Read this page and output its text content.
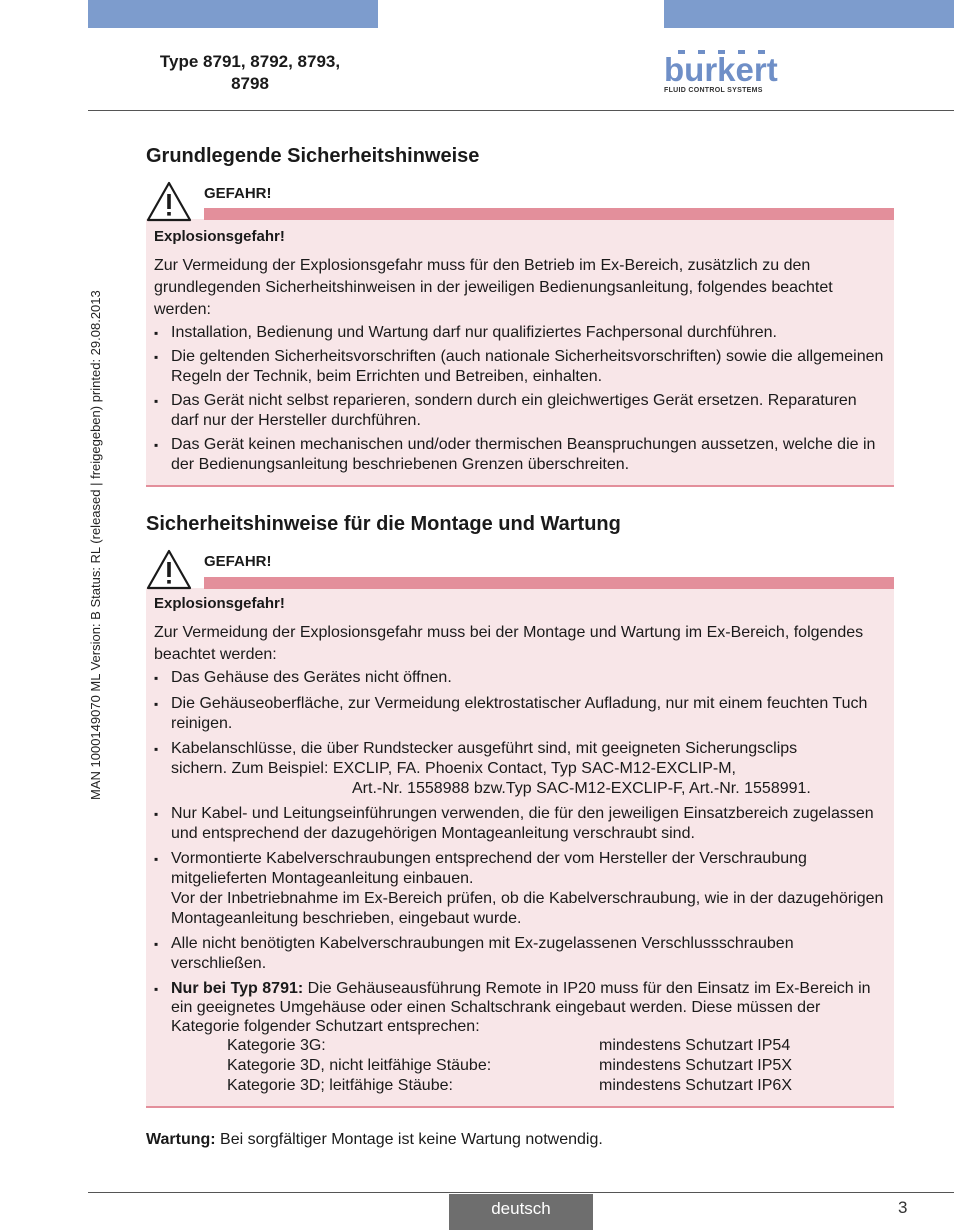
Type 8791, 8792, 8793,
8798	burkert
FLUID CONTROL SYSTEMS
MAN 1000149070 ML Version: B Status: RL (released | freigegeben) printed: 29.08.2013
Grundlegende Sicherheitshinweise

Explosionsgefahr!

Zur Vermeidung der Explosionsgefahr muss für den Betrieb im Ex-Bereich, zusätzlich zu den grundlegenden Sicherheitshinweisen in der jeweiligen Bedienungsanleitung, folgendes beachtet werden:

▪ Installation, Bedienung und Wartung darf nur qualifiziertes Fachpersonal durchführen.
▪ Die geltenden Sicherheitsvorschriften (auch nationale Sicherheitsvorschriften) sowie die allgemeinen Regeln der Technik, beim Errichten und Betreiben, einhalten.
▪ Das Gerät nicht selbst reparieren, sondern durch ein gleichwertiges Gerät ersetzen. Reparaturen darf nur der Hersteller durchführen.
▪ Das Gerät keinen mechanischen und/oder thermischen Beanspruchungen aussetzen, welche die in der Bedienungsanleitung beschriebenen Grenzen überschreiten.
GEFAHR!
Sicherheitshinweise für die Montage und Wartung

Explosionsgefahr!

Zur Vermeidung der Explosionsgefahr muss bei der Montage und Wartung im Ex-Bereich, folgendes beachtet werden:

▪ Das Gehäuse des Gerätes nicht öffnen.
▪ Die Gehäuseoberfläche, zur Vermeidung elektrostatischer Aufladung, nur mit einem feuchten Tuch reinigen.
▪ Kabelanschlüsse, die über Rundstecker ausgeführt sind, mit geeigneten Sicherungsclips
sichern. Zum Beispiel: EXCLIP, FA. Phoenix Contact, Typ SAC-M12-EXCLIP-M,
Art.-Nr. 1558988 bzw.Typ SAC-M12-EXCLIP-F, Art.-Nr. 1558991.
▪ Nur Kabel- und Leitungseinführungen verwenden, die für den jeweiligen Einsatzbereich zugelassen und entsprechend der dazugehörigen Montageanleitung verschraubt sind.
▪ Vormontierte Kabelverschraubungen entsprechend der vom Hersteller der Verschraubung mitgelieferten Montageanleitung einbauen.
Vor der Inbetriebnahme im Ex-Bereich prüfen, ob die Kabelverschraubung, wie in der dazugehörigen Montageanleitung beschrieben, eingebaut wurde.
▪ Alle nicht benötigten Kabelverschraubungen mit Ex-zugelassenen Verschlussschrauben verschließen.
▪ Nur bei Typ 8791: Die Gehäuseausführung Remote in IP20 muss für den Einsatz im Ex-Bereich in ein geeignetes Umgehäuse oder einen Schaltschrank eingebaut werden. Diese müssen der Kategorie folgender Schutzart entsprechen:
Kategorie 3G:	mindestens Schutzart IP54
Kategorie 3D, nicht leitfähige Stäube:	mindestens Schutzart IP5X
Kategorie 3D; leitfähige Stäube:	mindestens Schutzart IP6X
GEFAHR!
Wartung: Bei sorgfältiger Montage ist keine Wartung notwendig.
deutsch	3
